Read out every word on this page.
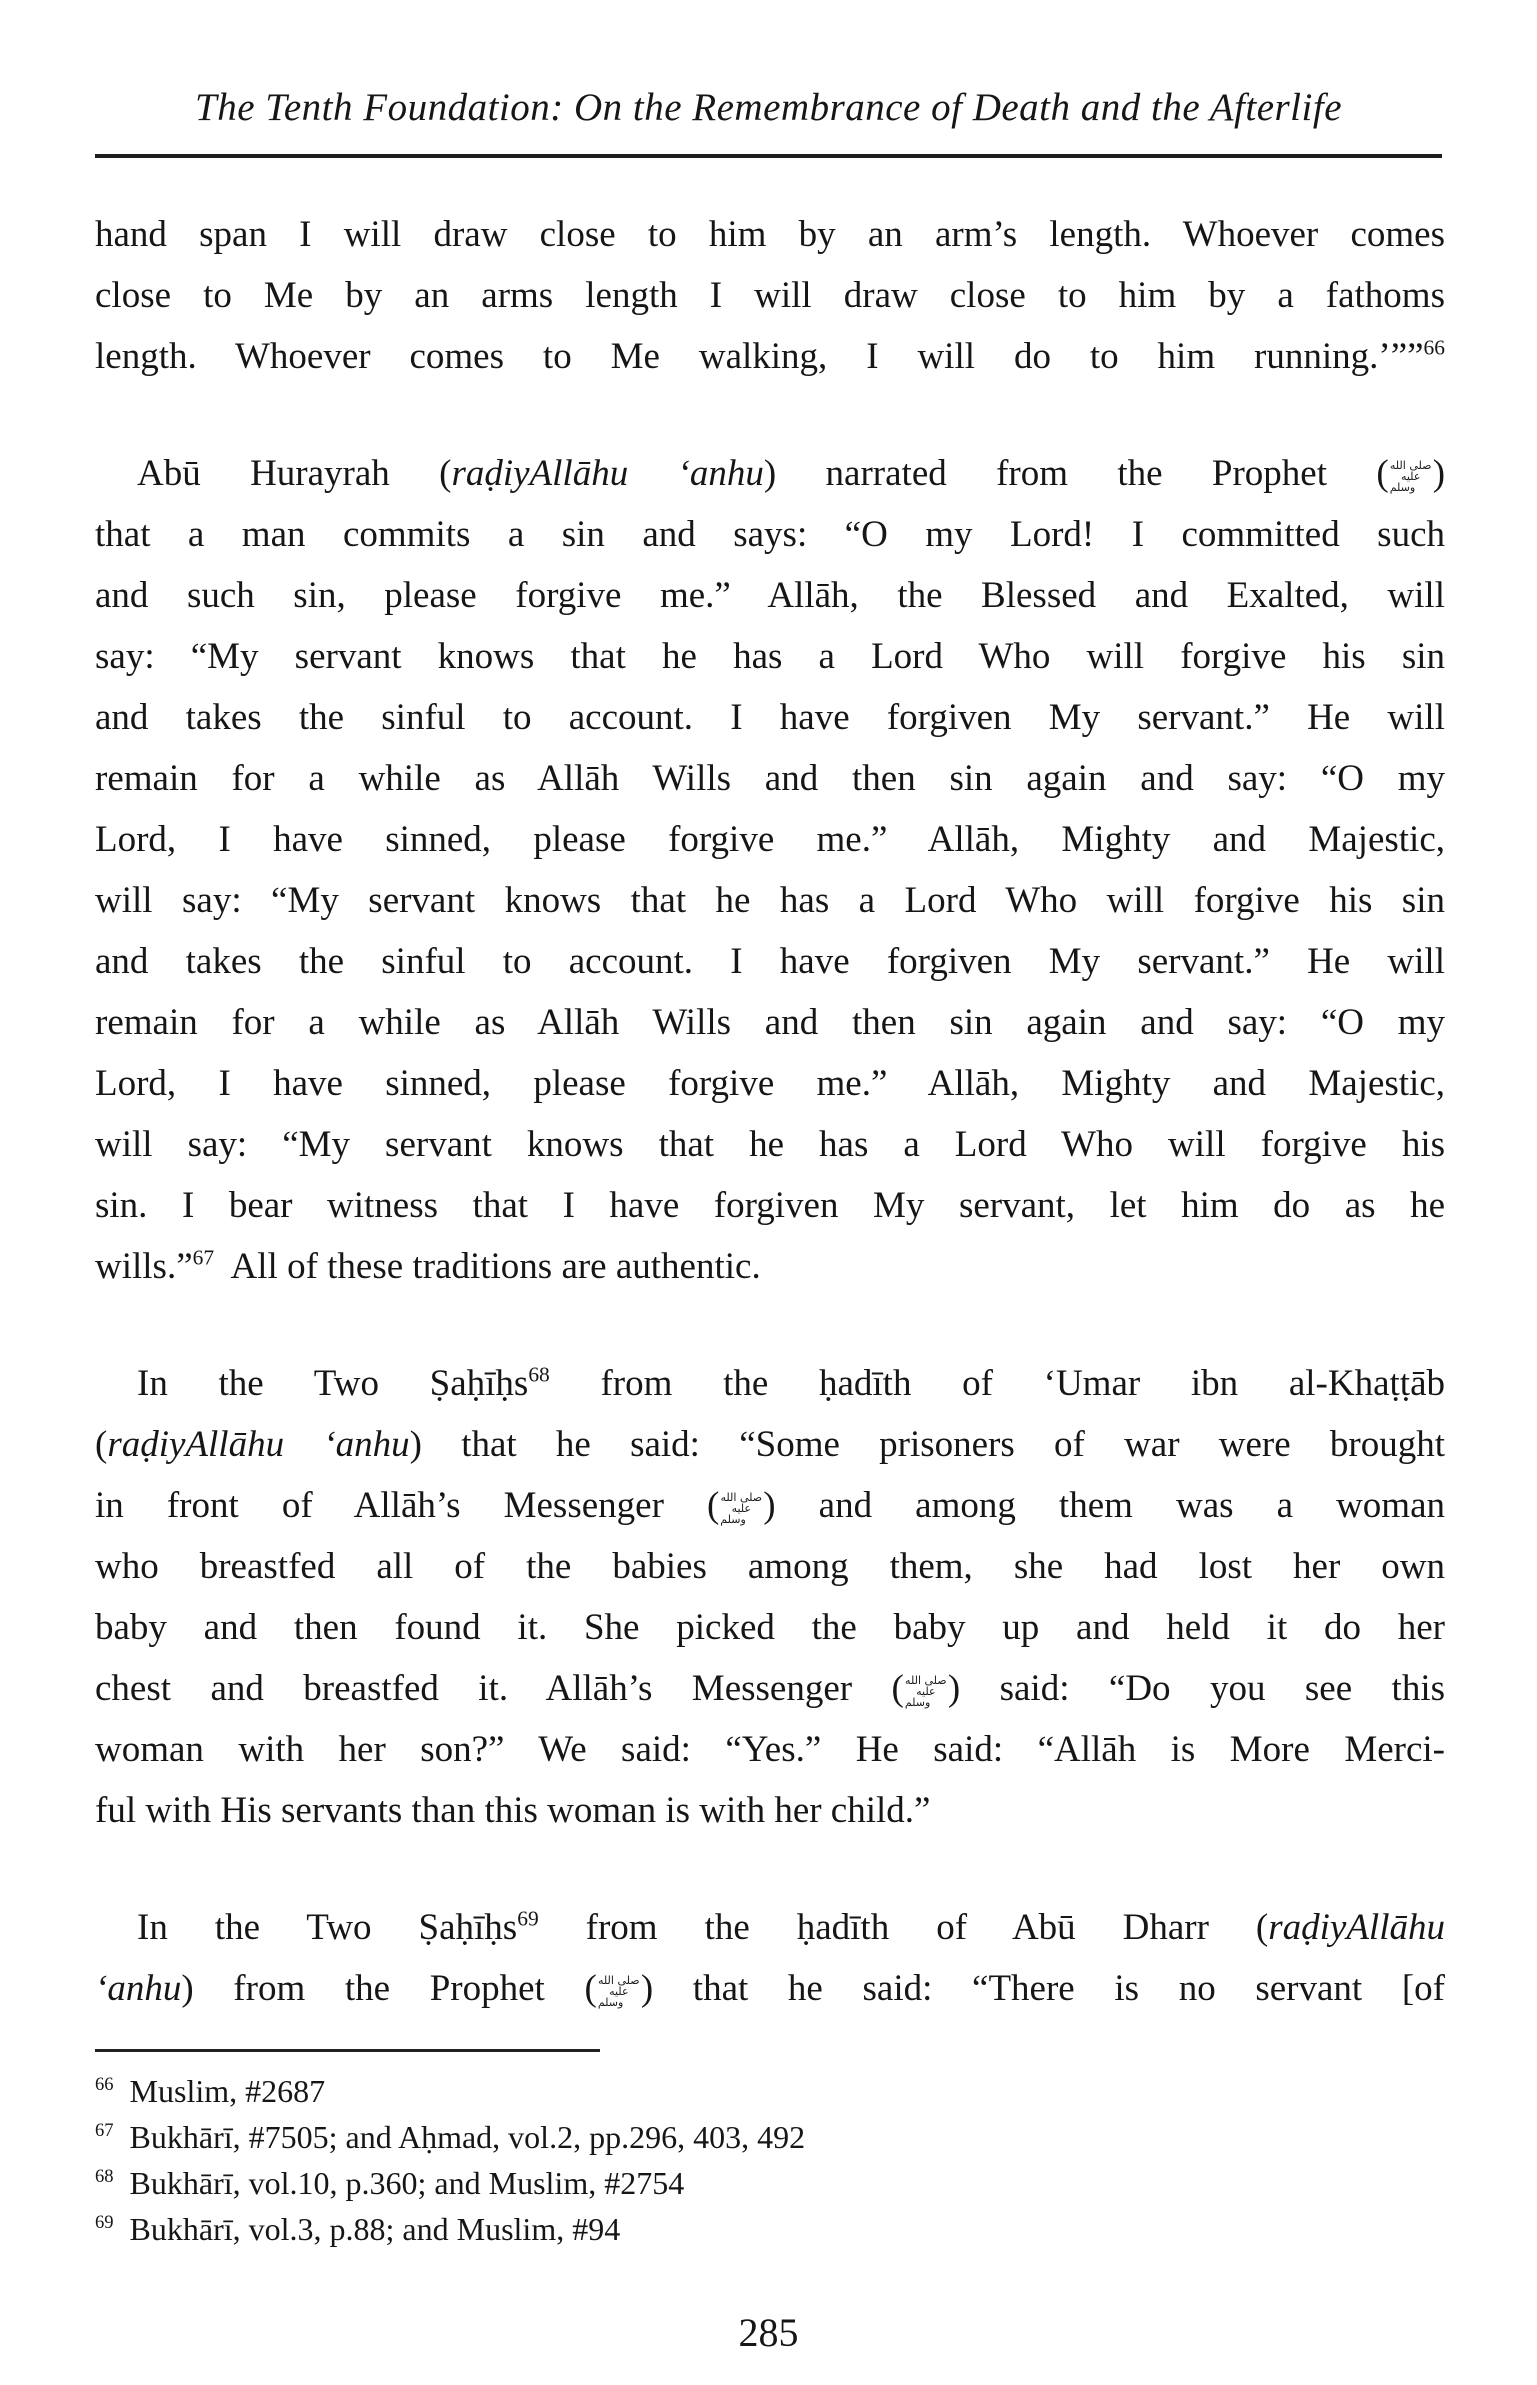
The Tenth Foundation: On the Remembrance of Death and the Afterlife

hand span I will draw close to him by an arm’s length. Whoever comes
close to Me by an arms length I will draw close to him by a fathoms
length. Whoever comes to Me walking, I will do to him running.’””$^{66}$

Abū Hurayrah (raḍiyAllāhu ‘anhu) narrated from the Prophet (صلى الله عليه وسلم )
that a man commits a sin and says: “O my Lord! I committed such
and such sin, please forgive me.” Allāh, the Blessed and Exalted, will
say: “My servant knows that he has a Lord Who will forgive his sin
and takes the sinful to account. I have forgiven My servant.” He will
remain for a while as Allāh Wills and then sin again and say: “O my
Lord, I have sinned, please forgive me.” Allāh, Mighty and Majestic,
will say: “My servant knows that he has a Lord Who will forgive his sin
and takes the sinful to account. I have forgiven My servant.” He will
remain for a while as Allāh Wills and then sin again and say: “O my
Lord, I have sinned, please forgive me.” Allāh, Mighty and Majestic,
will say: “My servant knows that he has a Lord Who will forgive his
sin. I bear witness that I have forgiven My servant, let him do as he
wills.”$^{67}$  All of these traditions are authentic.

In the Two Ṣaḥīḥs$^{68}$ from the ḥadīth of ‘Umar ibn al-Khaṭṭāb
(raḍiyAllāhu ‘anhu) that he said: “Some prisoners of war were brought
in front of Allāh’s Messenger (صلى الله عليه وسلم ) and among them was a woman
who breastfed all of the babies among them, she had lost her own
baby and then found it. She picked the baby up and held it do her
chest and breastfed it. Allāh’s Messenger (صلى الله عليه وسلم ) said: “Do you see this
woman with her son?” We said: “Yes.” He said: “Allāh is More Merci-
ful with His servants than this woman is with her child.”

In the Two Ṣaḥīḥs$^{69}$ from the ḥadīth of Abū Dharr (raḍiyAllāhu
‘anhu) from the Prophet (صلى الله عليه وسلم ) that he said: “There is no servant [of

$^{66}$ Muslim, #2687
$^{67}$ Bukhārī, #7505; and Aḥmad, vol.2, pp.296, 403, 492
$^{68}$ Bukhārī, vol.10, p.360; and Muslim, #2754
$^{69}$ Bukhārī, vol.3, p.88; and Muslim, #94
285
